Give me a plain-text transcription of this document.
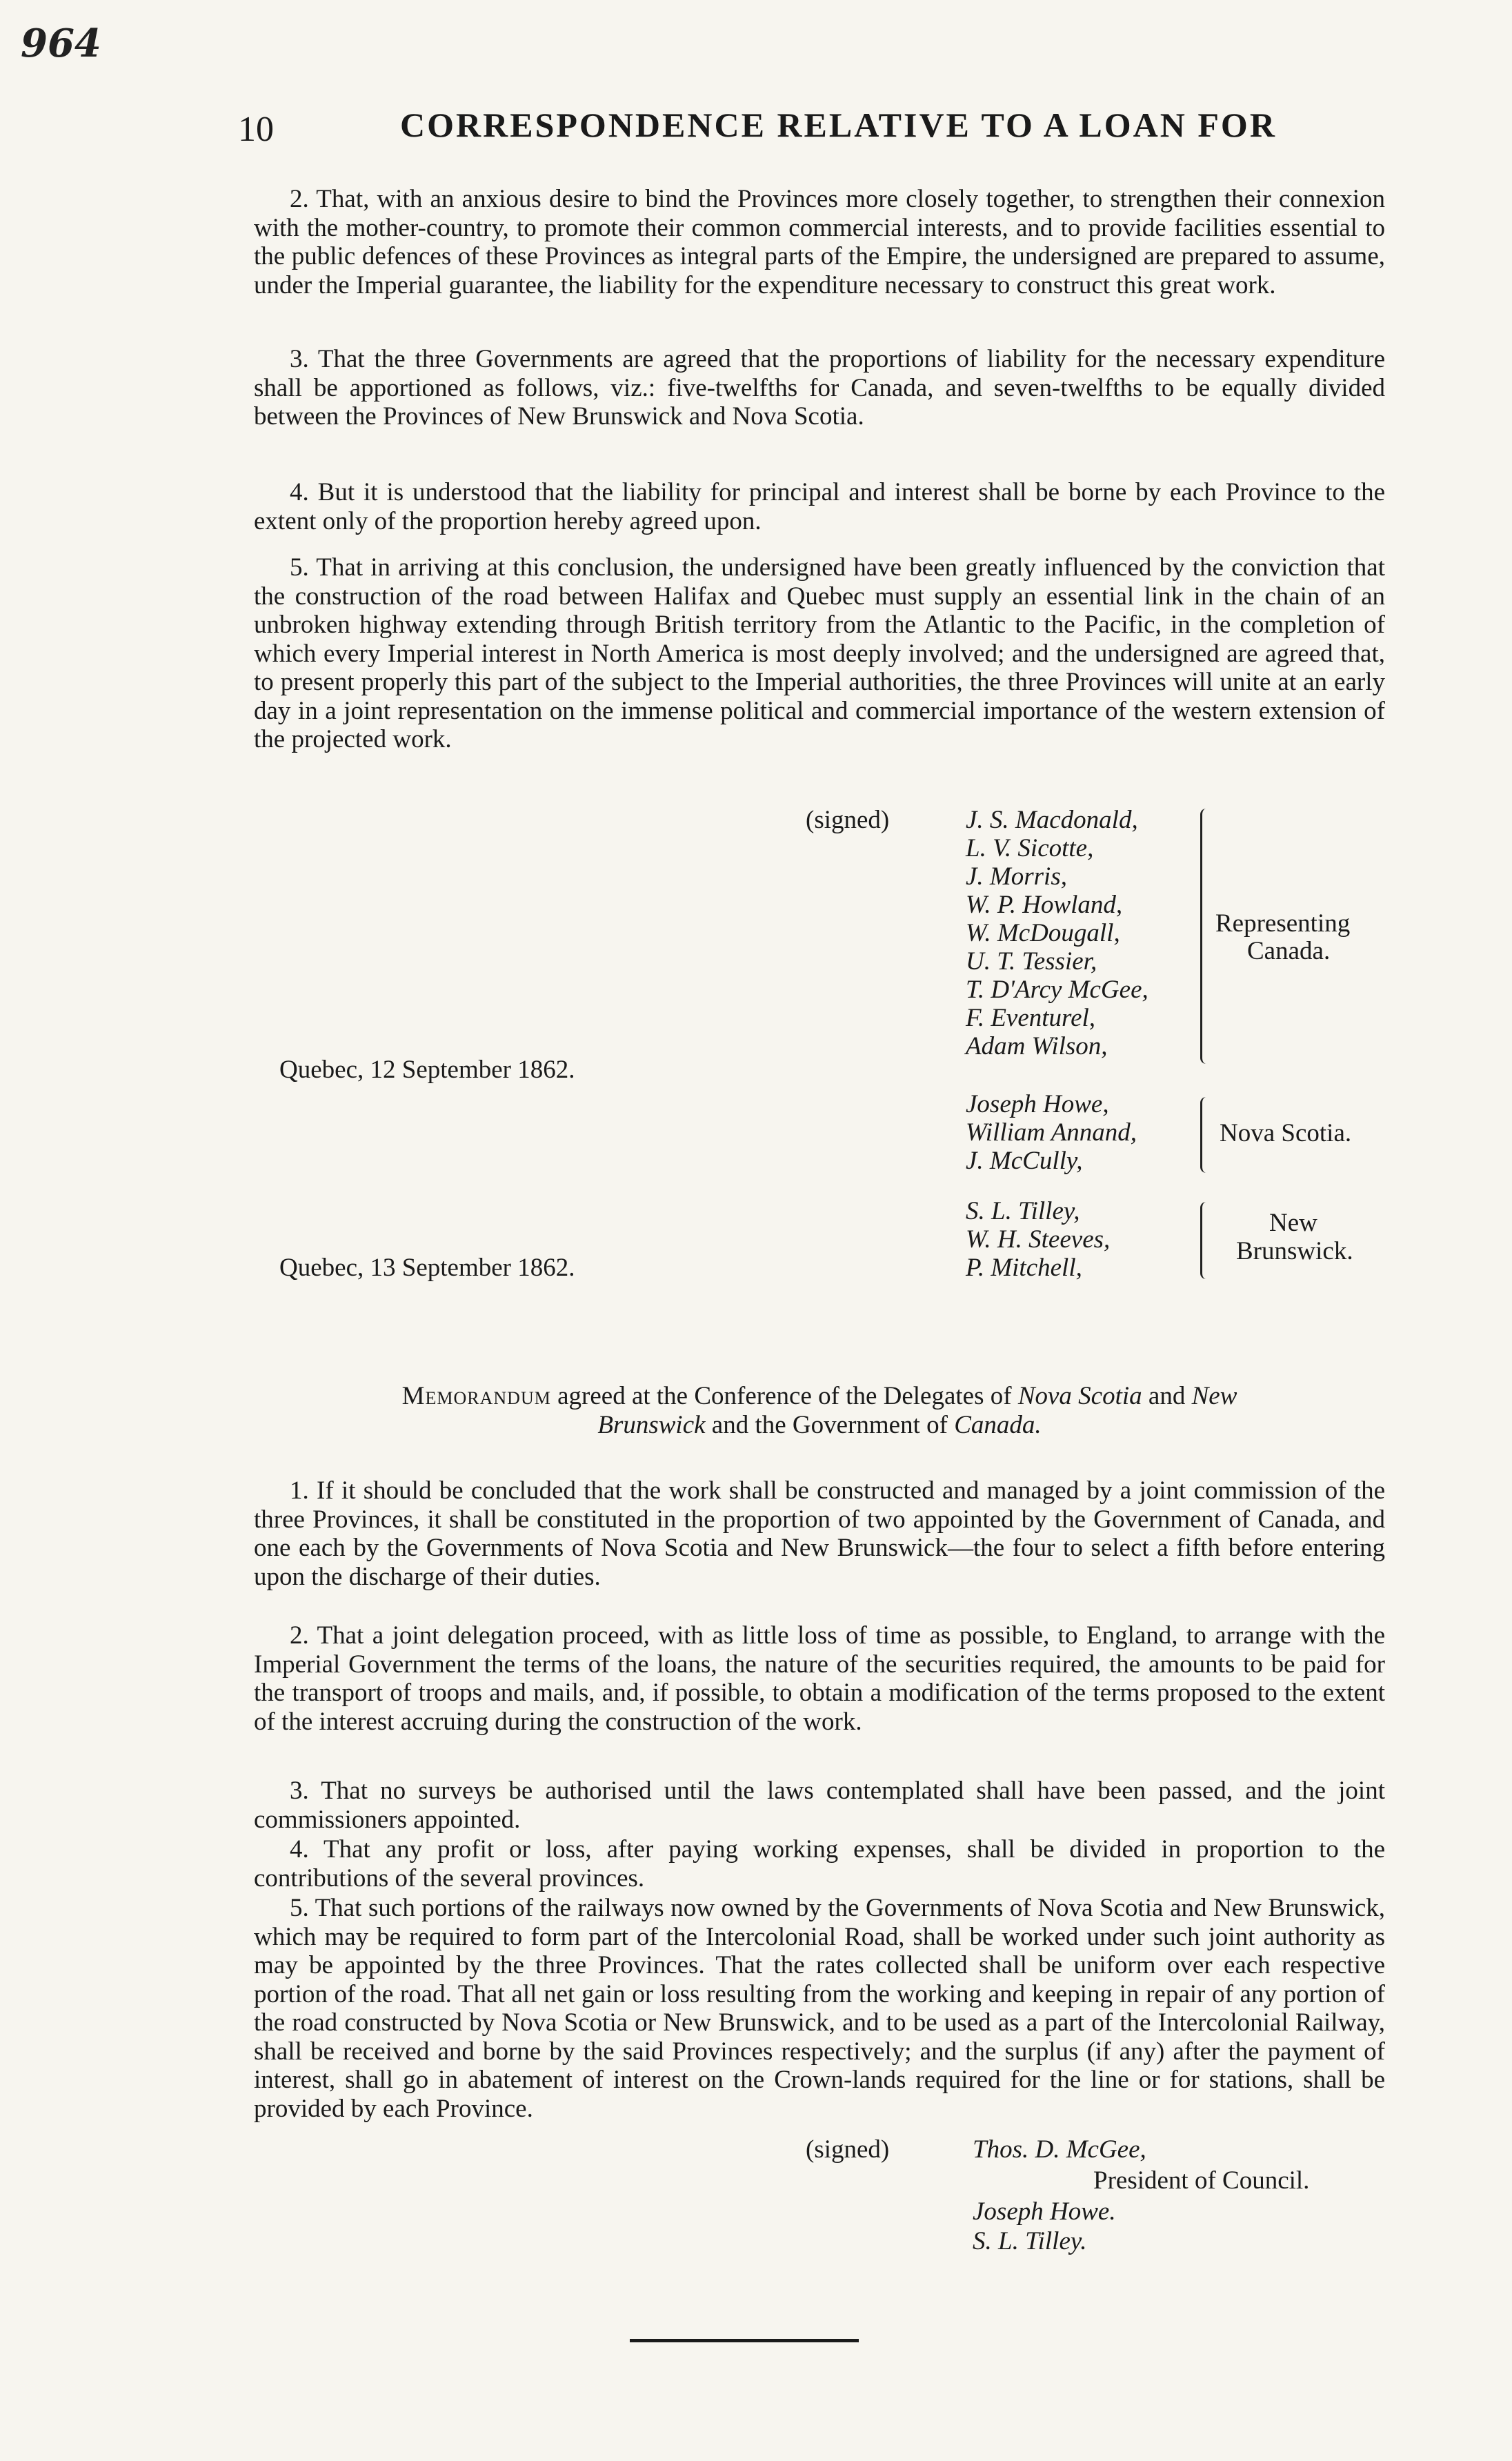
964
10	CORRESPONDENCE RELATIVE TO A LOAN FOR

2. That, with an anxious desire to bind the Provinces more closely together, to strengthen their connexion with the mother-country, to promote their common commercial interests, and to provide facilities essential to the public defences of these Provinces as integral parts of the Empire, the undersigned are prepared to assume, under the Imperial guarantee, the liability for the expenditure necessary to construct this great work.

3. That the three Governments are agreed that the proportions of liability for the necessary expenditure shall be apportioned as follows, viz.: five-twelfths for Canada, and seven-twelfths to be equally divided between the Provinces of New Brunswick and Nova Scotia.

4. But it is understood that the liability for principal and interest shall be borne by each Province to the extent only of the proportion hereby agreed upon.

5. That in arriving at this conclusion, the undersigned have been greatly influenced by the conviction that the construction of the road between Halifax and Quebec must supply an essential link in the chain of an unbroken highway extending through British territory from the Atlantic to the Pacific, in the completion of which every Imperial interest in North America is most deeply involved; and the undersigned are agreed that, to present properly this part of the subject to the Imperial authorities, the three Provinces will unite at an early day in a joint representation on the immense political and commercial importance of the western extension of the projected work.

(signed)	J. S. Macdonald,
L. V. Sicotte,
J. Morris,
W. P. Howland,
W. McDougall,
U. T. Tessier,
T. D'Arcy McGee,
F. Eventurel,
Adam Wilson,
Representing
Canada.
Quebec, 12 September 1862.
Joseph Howe,
William Annand,
J. McCully,
Nova Scotia.
S. L. Tilley,
W. H. Steeves,
P. Mitchell,
New
Brunswick.
Quebec, 13 September 1862.
Memorandum agreed at the Conference of the Delegates of Nova Scotia and New
Brunswick and the Government of Canada.

1. If it should be concluded that the work shall be constructed and managed by a joint commission of the three Provinces, it shall be constituted in the proportion of two appointed by the Government of Canada, and one each by the Governments of Nova Scotia and New Brunswick—the four to select a fifth before entering upon the discharge of their duties.

2. That a joint delegation proceed, with as little loss of time as possible, to England, to arrange with the Imperial Government the terms of the loans, the nature of the securities required, the amounts to be paid for the transport of troops and mails, and, if possible, to obtain a modification of the terms proposed to the extent of the interest accruing during the construction of the work.

3. That no surveys be authorised until the laws contemplated shall have been passed, and the joint commissioners appointed.

4. That any profit or loss, after paying working expenses, shall be divided in proportion to the contributions of the several provinces.

5. That such portions of the railways now owned by the Governments of Nova Scotia and New Brunswick, which may be required to form part of the Intercolonial Road, shall be worked under such joint authority as may be appointed by the three Provinces. That the rates collected shall be uniform over each respective portion of the road. That all net gain or loss resulting from the working and keeping in repair of any portion of the road constructed by Nova Scotia or New Brunswick, and to be used as a part of the Intercolonial Railway, shall be received and borne by the said Provinces respectively; and the surplus (if any) after the payment of interest, shall go in abatement of interest on the Crown-lands required for the line or for stations, shall be provided by each Province.

(signed)	Thos. D. McGee,
President of Council.
Joseph Howe.
S. L. Tilley.
